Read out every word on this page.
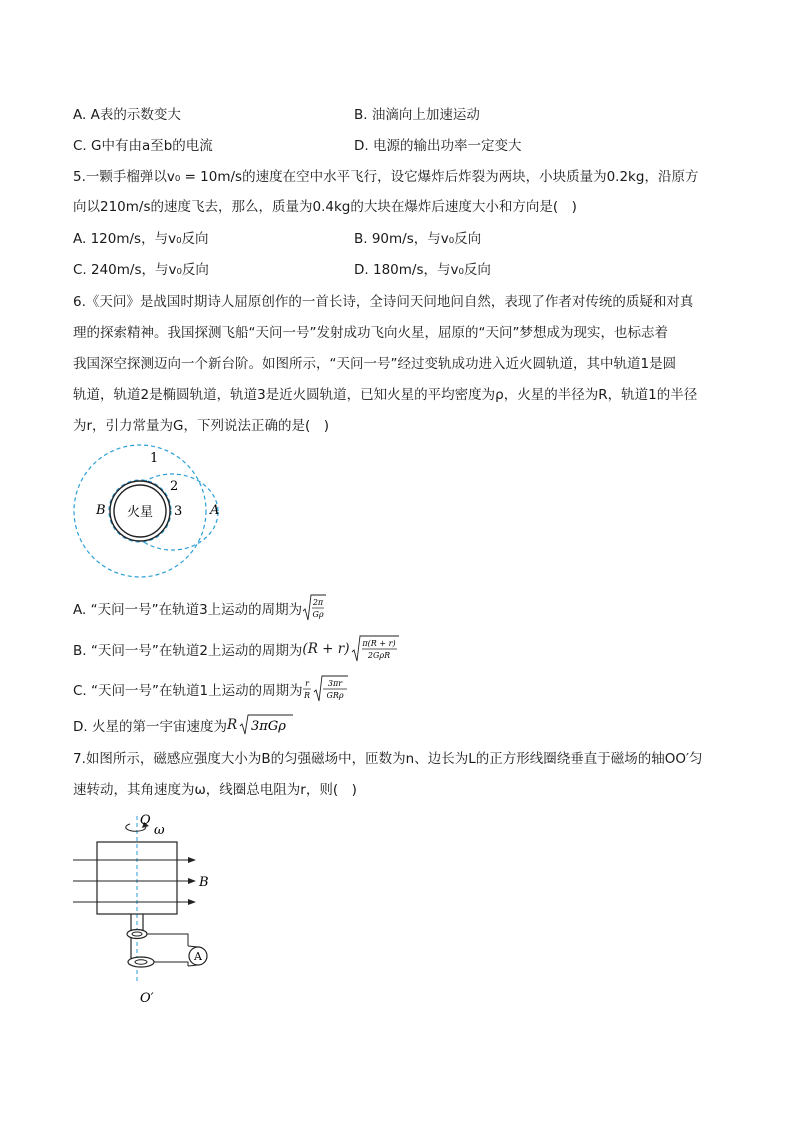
A. A表的示数变大	B. 油滴向上加速运动
C. G中有由a至b的电流	D. 电源的输出功率一定变大
5.一颗手榴弹以v₀ = 10m/s的速度在空中水平飞行，设它爆炸后炸裂为两块，小块质量为0.2kg，沿原方
向以210m/s的速度飞去，那么，质量为0.4kg的大块在爆炸后速度大小和方向是(　)
A. 120m/s，与v₀反向	B. 90m/s，与v₀反向
C. 240m/s，与v₀反向	D. 180m/s，与v₀反向
6.《天问》是战国时期诗人屈原创作的一首长诗，全诗问天问地问自然，表现了作者对传统的质疑和对真
理的探索精神。我国探测飞船“天问一号”发射成功飞向火星，屈原的“天问”梦想成为现实，也标志着
我国深空探测迈向一个新台阶。如图所示，“天问一号”经过变轨成功进入近火圆轨道，其中轨道1是圆
轨道，轨道2是椭圆轨道，轨道3是近火圆轨道，已知火星的平均密度为ρ，火星的半径为R，轨道1的半径
为r，引力常量为G，下列说法正确的是(　)
火星
1
2
3 A
B
A. “天问一号”在轨道3上运动的周期为 2π
Gρ
B. “天问一号”在轨道2上运动的周期为 (R + r) π(R + r)
2GρR
C. “天问一号”在轨道1上运动的周期为 r
R
3πr
GRρ
D. 火星的第一宇宙速度为 R 3πGρ
7.如图所示，磁感应强度大小为B的匀强磁场中，匝数为n、边长为L的正方形线圈绕垂直于磁场的轴OO′匀
速转动，其角速度为ω，线圈总电阻为r，则(　)
O
ω
B
A
O′
